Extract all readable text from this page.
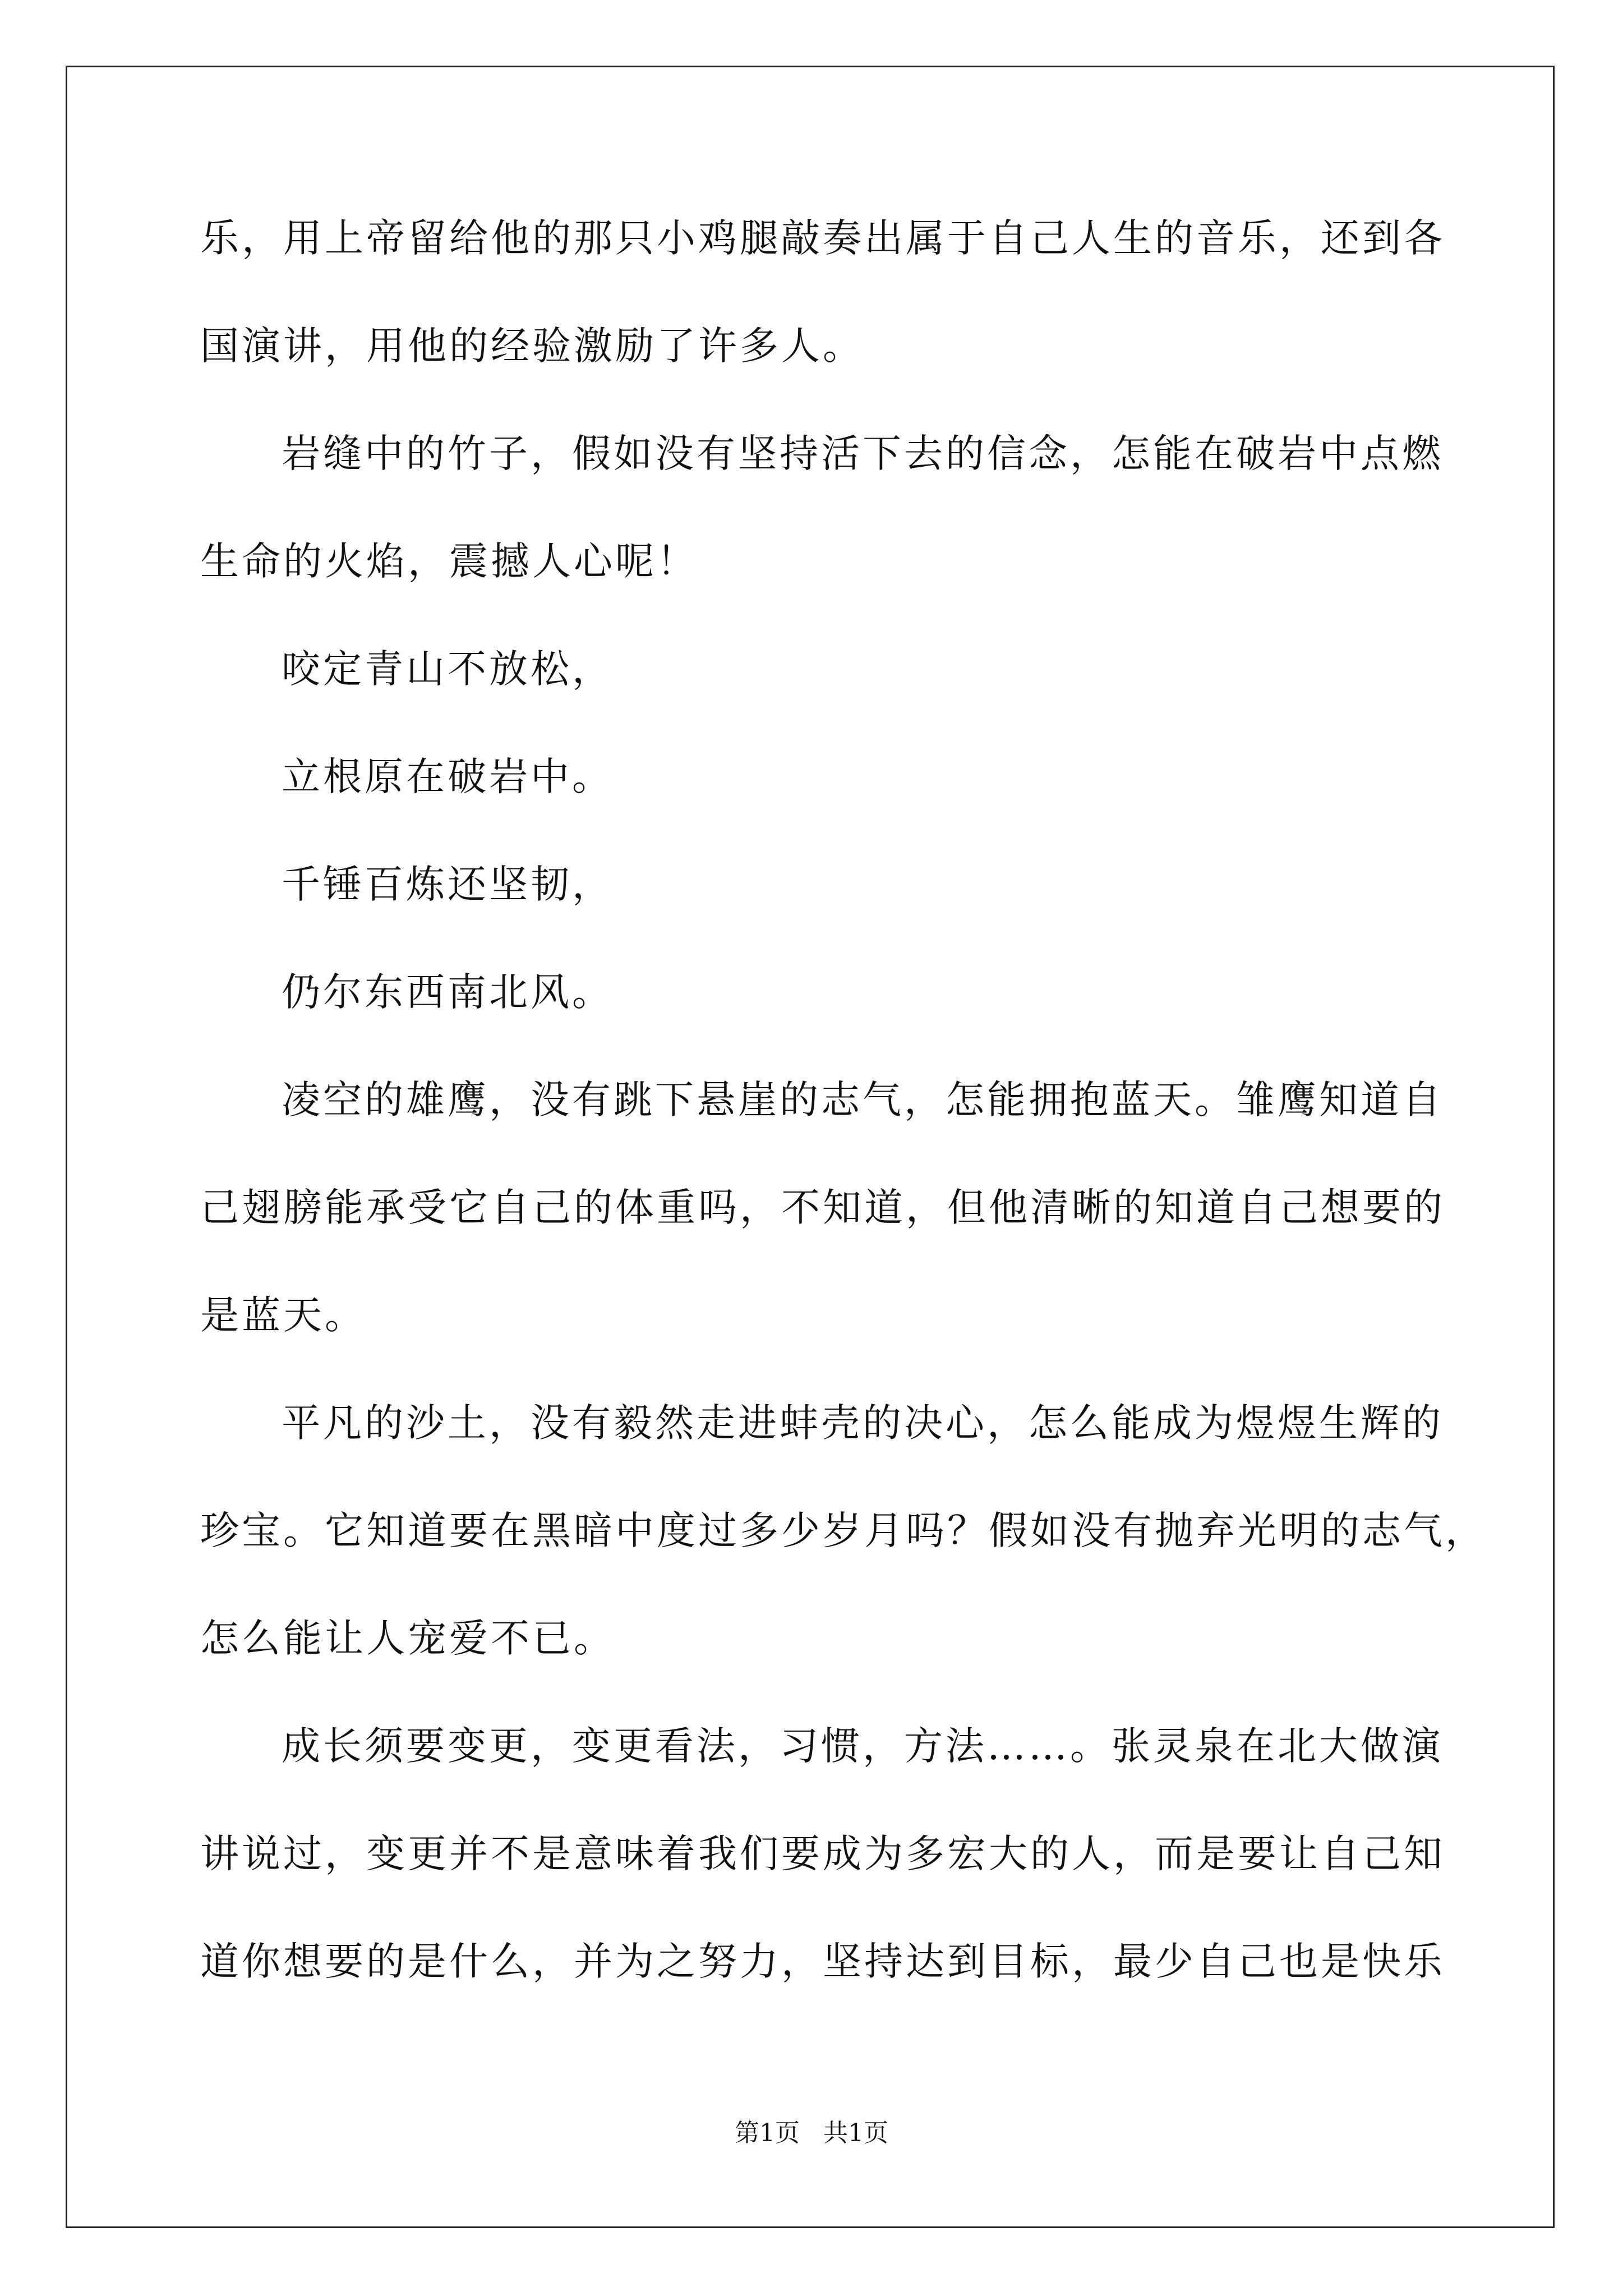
乐，用上帝留给他的那只小鸡腿敲奏出属于自己人生的音乐，还到各
国演讲，用他的经验激励了许多人。
岩缝中的竹子，假如没有坚持活下去的信念，怎能在破岩中点燃
生命的火焰，震撼人心呢！
咬定青山不放松，
立根原在破岩中。
千锤百炼还坚韧，
仍尔东西南北风。
凌空的雄鹰，没有跳下悬崖的志气，怎能拥抱蓝天。雏鹰知道自
己翅膀能承受它自己的体重吗，不知道，但他清晰的知道自己想要的
是蓝天。
平凡的沙土，没有毅然走进蚌壳的决心，怎么能成为煜煜生辉的
珍宝。它知道要在黑暗中度过多少岁月吗？假如没有抛弃光明的志气，
怎么能让人宠爱不已。
成长须要变更，变更看法，习惯，方法……。张灵泉在北大做演
讲说过，变更并不是意味着我们要成为多宏大的人，而是要让自己知
道你想要的是什么，并为之努力，坚持达到目标，最少自己也是快乐
第1页   共1页
